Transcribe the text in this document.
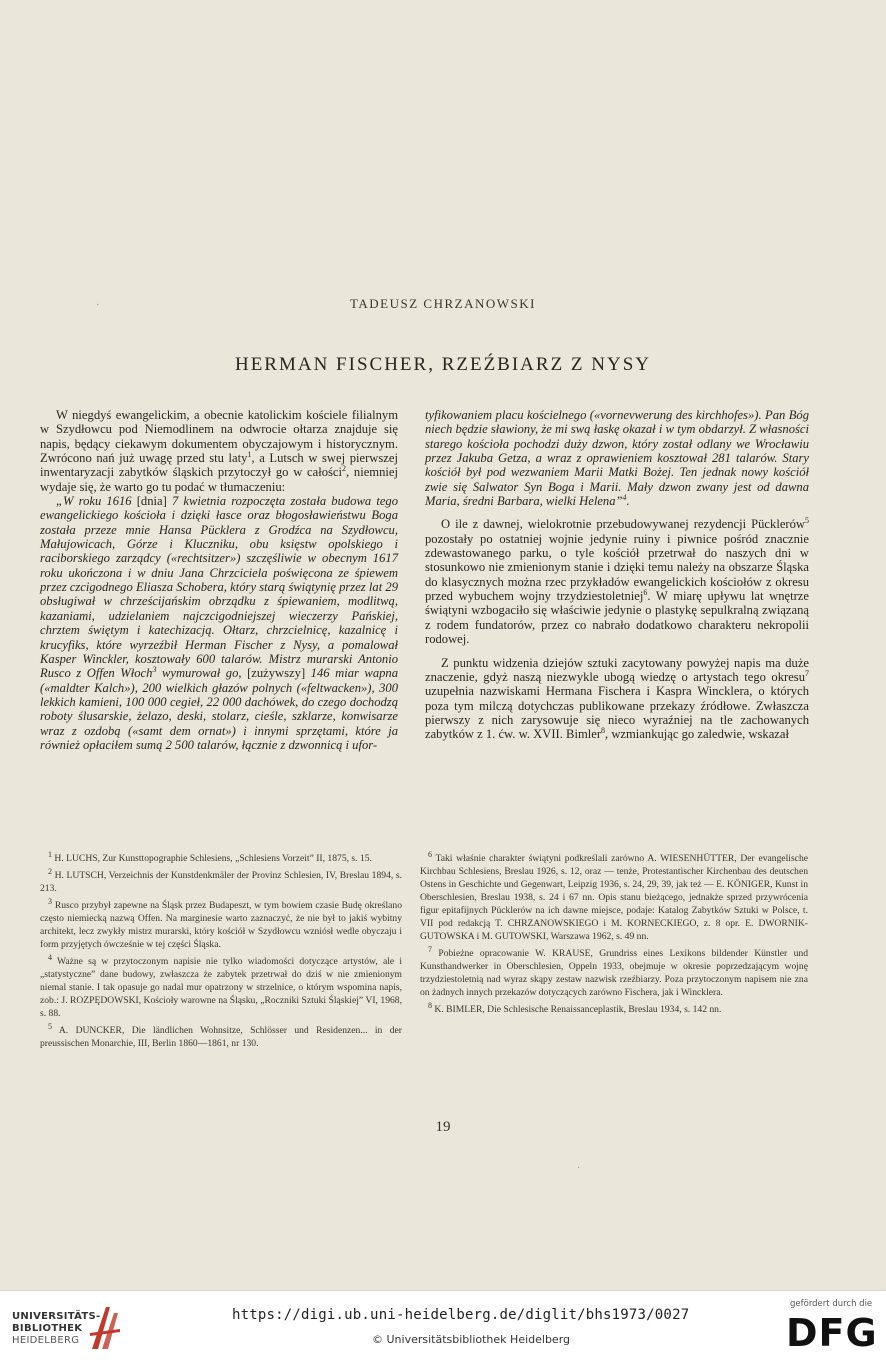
TADEUSZ CHRZANOWSKI
HERMAN FISCHER, RZEŹBIARZ Z NYSY

W niegdyś ewangelickim, a obecnie katolickim kościele filialnym w Szydłowcu pod Niemodlinem na odwrocie ołtarza znajduje się napis, będący ciekawym dokumentem obyczajowym i historycznym. Zwrócono nań już uwagę przed stu laty$^1$, a Lutsch w swej pierwszej inwentaryzacji zabytków śląskich przytoczył go w całości$^2$, niemniej wydaje się, że warto go tu podać w tłumaczeniu:

„W roku 1616 [dnia] 7 kwietnia rozpoczęta została budowa tego ewangelickiego kościoła i dzięki łasce oraz błogosławieństwu Boga została przeze mnie Hansa Pücklera z Grodźca na Szydłowcu, Małujowicach, Górze i Kluczniku, obu księstw opolskiego i raciborskiego zarządcy («rechtsitzer») szczęśliwie w obecnym 1617 roku ukończona i w dniu Jana Chrzciciela poświęcona ze śpiewem przez czcigodnego Eliasza Schobera, który starą świątynię przez lat 29 obsługiwał w chrześcijańskim obrządku z śpiewaniem, modlitwą, kazaniami, udzielaniem najczcigodniejszej wieczerzy Pańskiej, chrztem świętym i katechizacją. Ołtarz, chrzcielnicę, kazalnicę i krucyfiks, które wyrzeźbił Herman Fischer z Nysy, a pomalował Kasper Winckler, kosztowały 600 talarów. Mistrz murarski Antonio Rusco z Offen Włoch$^3$ wymurował go, [zużywszy] 146 miar wapna («maldter Kalch»), 200 wielkich głazów polnych («feltwacken»), 300 lekkich kamieni, 100 000 cegieł, 22 000 dachówek, do czego dochodzą roboty ślusarskie, żelazo, deski, stolarz, cieśle, szklarze, konwisarze wraz z ozdobą («samt dem ornat») i innymi sprzętami, które ja również opłaciłem sumą 2 500 talarów, łącznie z dzwonnicą i ufor-

tyfikowaniem placu kościelnego («vornevwerung des kirchhofes»). Pan Bóg niech będzie sławiony, że mi swą łaskę okazał i w tym obdarzył. Z własności starego kościoła pochodzi duży dzwon, który został odlany we Wrocławiu przez Jakuba Getza, a wraz z oprawieniem kosztował 281 talarów. Stary kościół był pod wezwaniem Marii Matki Bożej. Ten jednak nowy kościół zwie się Salwator Syn Boga i Marii. Mały dzwon zwany jest od dawna Maria, średni Barbara, wielki Helena”$^4$.

O ile z dawnej, wielokrotnie przebudowywanej rezydencji Pücklerów$^5$ pozostały po ostatniej wojnie jedynie ruiny i piwnice pośród znacznie zdewastowanego parku, o tyle kościół przetrwał do naszych dni w stosunkowo nie zmienionym stanie i dzięki temu należy na obszarze Śląska do klasycznych można rzec przykładów ewangelickich kościołów z okresu przed wybuchem wojny trzydziestoletniej$^6$. W miarę upływu lat wnętrze świątyni wzbogaciło się właściwie jedynie o plastykę sepulkralną związaną z rodem fundatorów, przez co nabrało dodatkowo charakteru nekropolii rodowej.

Z punktu widzenia dziejów sztuki zacytowany powyżej napis ma duże znaczenie, gdyż naszą niezwykle ubogą wiedzę o artystach tego okresu$^7$ uzupełnia nazwiskami Hermana Fischera i Kaspra Wincklera, o których poza tym milczą dotychczas publikowane przekazy źródłowe. Zwłaszcza pierwszy z nich zarysowuje się nieco wyraźniej na tle zachowanych zabytków z 1. ćw. w. XVII. Bimler$^8$, wzmiankując go zaledwie, wskazał

$^1$ H. LUCHS, Zur Kunsttopographie Schlesiens, „Schlesiens Vorzeit” II, 1875, s. 15.

$^2$ H. LUTSCH, Verzeichnis der Kunstdenkmäler der Provinz Schlesien, IV, Breslau 1894, s. 213.

$^3$ Rusco przybył zapewne na Śląsk przez Budapeszt, w tym bowiem czasie Budę określano często niemiecką nazwą Offen. Na marginesie warto zaznaczyć, że nie był to jakiś wybitny architekt, lecz zwykły mistrz murarski, który kościół w Szydłowcu wzniósł wedle obyczaju i form przyjętych ówcześnie w tej części Śląska.

$^4$ Ważne są w przytoczonym napisie nie tylko wiadomości dotyczące artystów, ale i „statystyczne” dane budowy, zwłaszcza że zabytek przetrwał do dziś w nie zmienionym niemal stanie. I tak opasuje go nadal mur opatrzony w strzelnice, o którym wspomina napis, zob.: J. ROZPĘDOWSKI, Kościoły warowne na Śląsku, „Roczniki Sztuki Śląskiej” VI, 1968, s. 88.

$^5$ A. DUNCKER, Die ländlichen Wohnsitze, Schlösser und Residenzen... in der preussischen Monarchie, III, Berlin 1860—1861, nr 130.

$^6$ Taki właśnie charakter świątyni podkreślali zarówno A. WIESENHÜTTER, Der evangelische Kirchbau Schlesiens, Breslau 1926, s. 12, oraz — tenże, Protestantischer Kirchenbau des deutschen Ostens in Geschichte und Gegenwart, Leipzig 1936, s. 24, 29, 39, jak też — E. KÖNIGER, Kunst in Oberschlesien, Breslau 1938, s. 24 i 67 nn. Opis stanu bieżącego, jednakże sprzed przywrócenia figur epitafijnych Pücklerów na ich dawne miejsce, podaje: Katalog Zabytków Sztuki w Polsce, t. VII pod redakcją T. CHRZANOWSKIEGO i M. KORNECKIEGO, z. 8 opr. E. DWORNIK-GUTOWSKA i M. GUTOWSKI, Warszawa 1962, s. 49 nn.

$^7$ Pobieżne opracowanie W. KRAUSE, Grundriss eines Lexikons bildender Künstler und Kunsthandwerker in Oberschlesien, Oppeln 1933, obejmuje w okresie poprzedzającym wojnę trzydziestoletnią nad wyraz skąpy zestaw nazwisk rzeźbiarzy. Poza przytoczonym napisem nie zna on żadnych innych przekazów dotyczących zarówno Fischera, jak i Wincklera.

$^8$ K. BIMLER, Die Schlesische Renaissanceplastik, Breslau 1934, s. 142 nn.

19
·
·
UNIVERSITÄTS-
BIBLIOTHEK
HEIDELBERG
https://digi.ub.uni-heidelberg.de/diglit/bhs1973/0027
© Universitätsbibliothek Heidelberg
gefördert durch die
DFG
